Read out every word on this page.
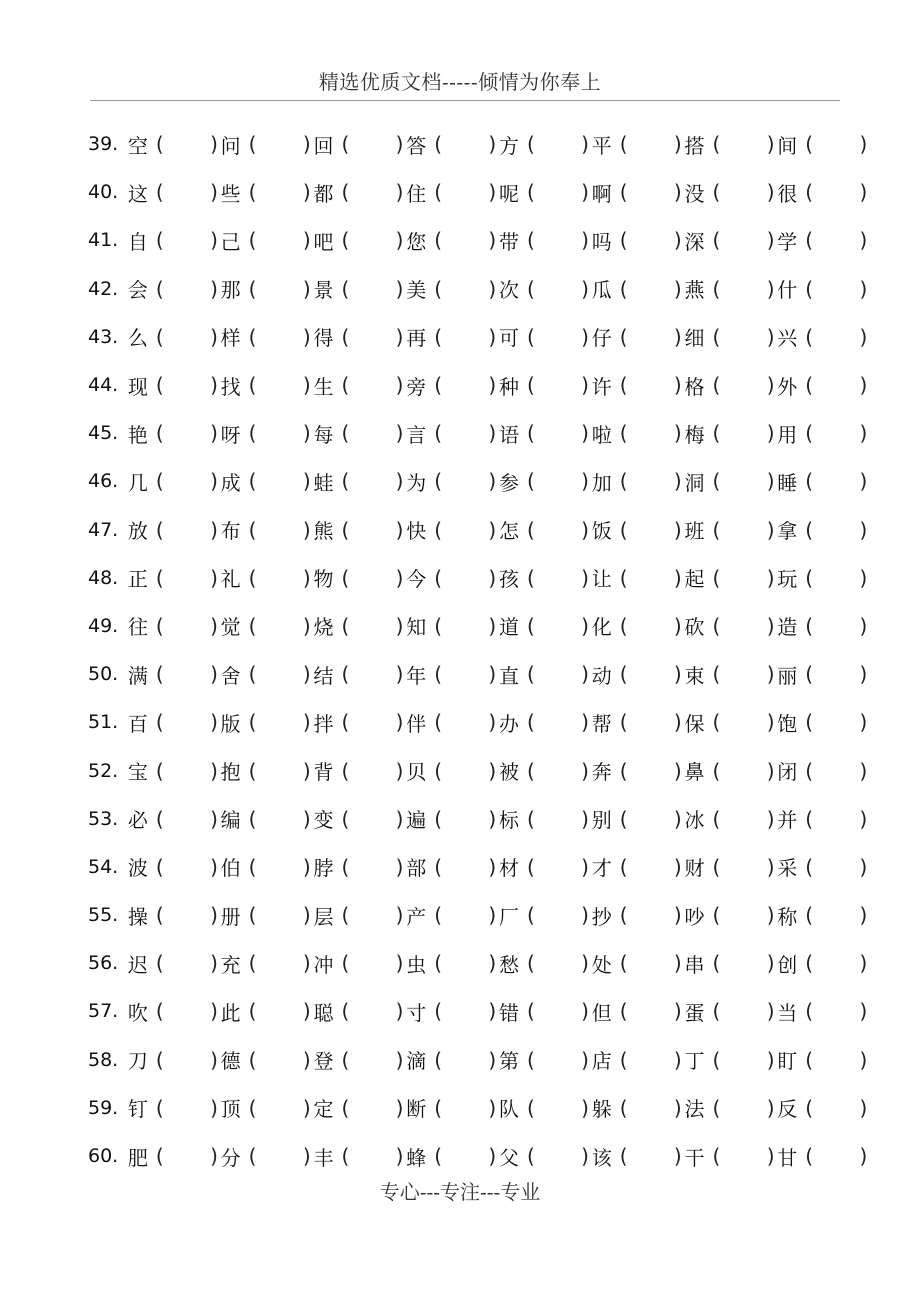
精选优质文档-----倾情为你奉上
39. 空 ( ) 问 ( ) 回 ( ) 答 ( ) 方 ( ) 平 ( ) 搭 ( ) 间 ( )
40. 这 ( ) 些 ( ) 都 ( ) 住 ( ) 呢 ( ) 啊 ( ) 没 ( ) 很 ( )
41. 自 ( ) 己 ( ) 吧 ( ) 您 ( ) 带 ( ) 吗 ( ) 深 ( ) 学 ( )
42. 会 ( ) 那 ( ) 景 ( ) 美 ( ) 次 ( ) 瓜 ( ) 燕 ( ) 什 ( )
43. 么 ( ) 样 ( ) 得 ( ) 再 ( ) 可 ( ) 仔 ( ) 细 ( ) 兴 ( )
44. 现 ( ) 找 ( ) 生 ( ) 旁 ( ) 种 ( ) 许 ( ) 格 ( ) 外 ( )
45. 艳 ( ) 呀 ( ) 每 ( ) 言 ( ) 语 ( ) 啦 ( ) 梅 ( ) 用 ( )
46. 几 ( ) 成 ( ) 蛙 ( ) 为 ( ) 参 ( ) 加 ( ) 洞 ( ) 睡 ( )
47. 放 ( ) 布 ( ) 熊 ( ) 快 ( ) 怎 ( ) 饭 ( ) 班 ( ) 拿 ( )
48. 正 ( ) 礼 ( ) 物 ( ) 今 ( ) 孩 ( ) 让 ( ) 起 ( ) 玩 ( )
49. 往 ( ) 觉 ( ) 烧 ( ) 知 ( ) 道 ( ) 化 ( ) 砍 ( ) 造 ( )
50. 满 ( ) 舍 ( ) 结 ( ) 年 ( ) 直 ( ) 动 ( ) 束 ( ) 丽 ( )
51. 百 ( ) 版 ( ) 拌 ( ) 伴 ( ) 办 ( ) 帮 ( ) 保 ( ) 饱 ( )
52. 宝 ( ) 抱 ( ) 背 ( ) 贝 ( ) 被 ( ) 奔 ( ) 鼻 ( ) 闭 ( )
53. 必 ( ) 编 ( ) 变 ( ) 遍 ( ) 标 ( ) 别 ( ) 冰 ( ) 并 ( )
54. 波 ( ) 伯 ( ) 脖 ( ) 部 ( ) 材 ( ) 才 ( ) 财 ( ) 采 ( )
55. 操 ( ) 册 ( ) 层 ( ) 产 ( ) 厂 ( ) 抄 ( ) 吵 ( ) 称 ( )
56. 迟 ( ) 充 ( ) 冲 ( ) 虫 ( ) 愁 ( ) 处 ( ) 串 ( ) 创 ( )
57. 吹 ( ) 此 ( ) 聪 ( ) 寸 ( ) 错 ( ) 但 ( ) 蛋 ( ) 当 ( )
58. 刀 ( ) 德 ( ) 登 ( ) 滴 ( ) 第 ( ) 店 ( ) 丁 ( ) 盯 ( )
59. 钉 ( ) 顶 ( ) 定 ( ) 断 ( ) 队 ( ) 躲 ( ) 法 ( ) 反 ( )
60. 肥 ( ) 分 ( ) 丰 ( ) 蜂 ( ) 父 ( ) 该 ( ) 干 ( ) 甘 ( )
专心---专注---专业
